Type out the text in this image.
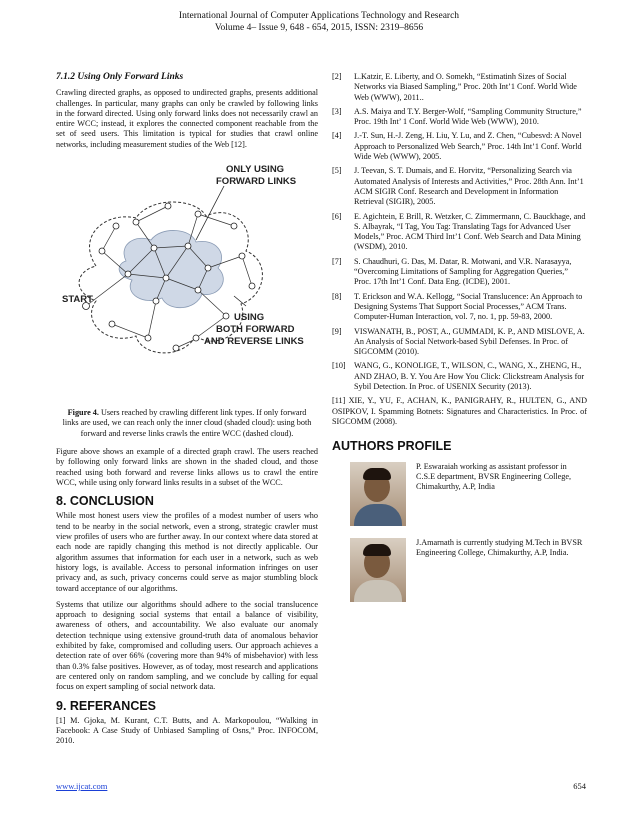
International Journal of Computer Applications Technology and Research
Volume 4– Issue 9, 648 - 654, 2015, ISSN: 2319–8656
7.1.2 Using Only Forward Links

Crawling directed graphs, as opposed to undirected graphs, presents additional challenges. In particular, many graphs can only be crawled by following links in the forward directed. Using only forward links does not necessarily crawl an entire WCC; instead, it explores the connected component reachable from the set of seed users. This limitation is typical for studies that crawl online networks, including measurement studies of the Web [12].

ONLY USING
FORWARD LINKS
START
USING
BOTH FORWARD
AND REVERSE LINKS
Figure 4. Users reached by crawling different link types. If only forward links are used, we can reach only the inner cloud (shaded cloud): using both forward and reverse links crawls the entire WCC (dashed cloud).

Figure above shows an example of a directed graph crawl. The users reached by following only forward links are shown in the shaded cloud, and those reached using both forward and reverse links allows us to crawl the entire WCC, while using only forward links results in a subset of the WCC.

8. CONCLUSION

While most honest users view the profiles of a modest number of users who tend to be nearby in the social network, even a strong, strategic crawler must view profiles of users who are further away. In our context where data stored at each node are rapidly changing this method is not directly applicable. Our algorithm assumes that information for each user in a network, such as web history logs, is available. Access to personal information infringes on user privacy and, as such, privacy concerns could serve as major stumbling block toward acceptance of our algorithms.

Systems that utilize our algorithms should adhere to the social translucence approach to designing social systems that entail a balance of visibility, awareness of others, and accountability. We also evaluate our anomaly detection technique using extensive ground-truth data of anomalous behavior exhibited by fake, compromised and colluding users. Our approach achieves a detection rate of over 66% (covering more than 94% of misbehavior) with less than 0.3% false positives. However, as of today, most research and applications are centered only on random sampling, and we conclude by calling for equal focus on expert sampling of social network data.

9. REFERANCES

[1] M. Gjoka, M. Kurant, C.T. Butts, and A. Markopoulou, “Walking in Facebook: A Case Study of Unbiased Sampling of Osns,” Proc. INFOCOM, 2010.

[2]	L.Katzir, E. Liberty, and O. Somekh, “Estimatinh Sizes of Social Networks via Biased Sampling,” Proc. 20th Int’1 Conf. World Wide Web (WWW), 2011..
[3]	A.S. Maiya and T.Y. Berger-Wolf, “Sampling Community Structure,” Proc. 19th Int’ 1 Conf. World Wide Web (WWW), 2010.
[4]	J.-T. Sun, H.-J. Zeng, H. Liu, Y. Lu, and Z. Chen, “Cubesvd: A Novel Approach to Personalized Web Search,” Proc. 14th Int’1 Conf. World Wide Web (WWW), 2005.
[5]	J. Teevan, S. T. Dumais, and E. Horvitz, “Personalizing Search via Automated Analysis of Interests and Activities,” Proc. 28th Ann. Int’1 ACM SIGIR Conf. Research and Development in Information Retrieval (SIGIR), 2005.
[6]	E. Agichtein, E Brill, R. Wetzker, C. Zimmermann, C. Bauckhage, and S. Albayrak, “I Tag, You Tag: Translating Tags for Advanced User Models,” Proc. ACM Third Int’1 Conf. Web Search and Data Mining (WSDM), 2010.
[7]	S. Chaudhuri, G. Das, M. Datar, R. Motwani, and V.R. Narasayya, “Overcoming Limitations of Sampling for Aggregation Queries,” Proc. 17th Int’1 Conf. Data Eng. (ICDE), 2001.
[8]	T. Erickson and W.A. Kellogg, “Social Translucence: An Approach to Designing Systems That Support Social Processes,” ACM Trans. Computer-Human Interaction, vol. 7, no. 1, pp. 59-83, 2000.
[9]	VISWANATH, B., POST, A., GUMMADI, K. P., AND MISLOVE, A. An Analysis of Social Network-based Sybil Defenses. In Proc. of SIGCOMM (2010).
[10]	WANG, G., KONOLIGE, T., WILSON, C., WANG, X., ZHENG, H., AND ZHAO, B. Y. You Are How You Click: Clickstream Analysis for Sybil Detection. In Proc. of USENIX Security (2013).

[11] XIE, Y., YU, F., ACHAN, K., PANIGRAHY, R., HULTEN, G., AND OSIPKOV, I. Spamming Botnets: Signatures and Characteristics. In Proc. of SIGCOMM (2008).

AUTHORS PROFILE
P. Eswaraiah working as assistant professor in C.S.E department, BVSR Engineering College, Chimakurthy, A.P, India
J.Amarnath is currently studying M.Tech in BVSR Engineering College, Chimakurthy, A.P, India.
www.ijcat.com	654
